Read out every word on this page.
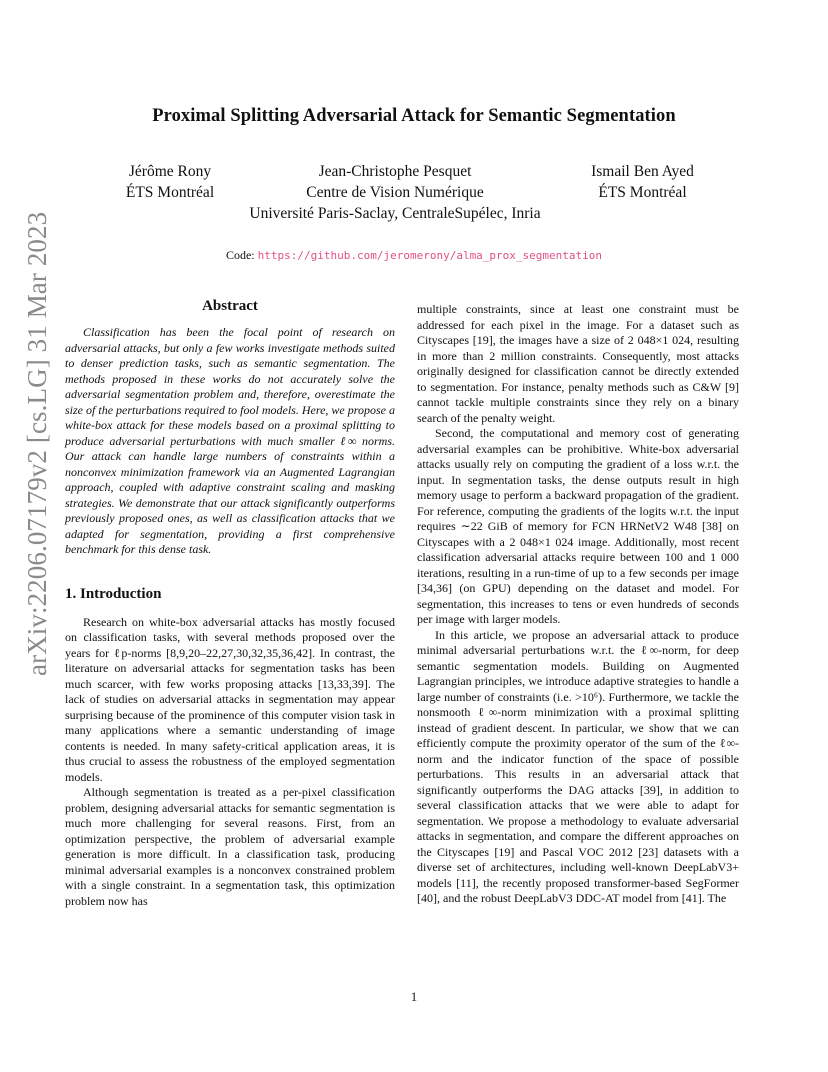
arXiv:2206.07179v2 [cs.LG] 31 Mar 2023
Proximal Splitting Adversarial Attack for Semantic Segmentation
Jérôme Rony
ÉTS Montréal
Jean-Christophe Pesquet
Centre de Vision Numérique
Université Paris-Saclay, CentraleSupélec, Inria
Ismail Ben Ayed
ÉTS Montréal
Code: https://github.com/jeromerony/alma_prox_segmentation
Abstract

Classification has been the focal point of research on adversarial attacks, but only a few works investigate methods suited to denser prediction tasks, such as semantic segmentation. The methods proposed in these works do not accurately solve the adversarial segmentation problem and, therefore, overestimate the size of the perturbations required to fool models. Here, we propose a white-box attack for these models based on a proximal splitting to produce adversarial perturbations with much smaller ℓ∞ norms. Our attack can handle large numbers of constraints within a nonconvex minimization framework via an Augmented Lagrangian approach, coupled with adaptive constraint scaling and masking strategies. We demonstrate that our attack significantly outperforms previously proposed ones, as well as classification attacks that we adapted for segmentation, providing a first comprehensive benchmark for this dense task.

1. Introduction

Research on white-box adversarial attacks has mostly focused on classification tasks, with several methods proposed over the years for ℓp-norms [8,9,20–22,27,30,32,35,36,42]. In contrast, the literature on adversarial attacks for segmentation tasks has been much scarcer, with few works proposing attacks [13,33,39]. The lack of studies on adversarial attacks in segmentation may appear surprising because of the prominence of this computer vision task in many applications where a semantic understanding of image contents is needed. In many safety-critical application areas, it is thus crucial to assess the robustness of the employed segmentation models.

Although segmentation is treated as a per-pixel classification problem, designing adversarial attacks for semantic segmentation is much more challenging for several reasons. First, from an optimization perspective, the problem of adversarial example generation is more difficult. In a classification task, producing minimal adversarial examples is a nonconvex constrained problem with a single constraint. In a segmentation task, this optimization problem now has

multiple constraints, since at least one constraint must be addressed for each pixel in the image. For a dataset such as Cityscapes [19], the images have a size of 2 048×1 024, resulting in more than 2 million constraints. Consequently, most attacks originally designed for classification cannot be directly extended to segmentation. For instance, penalty methods such as C&W [9] cannot tackle multiple constraints since they rely on a binary search of the penalty weight.

Second, the computational and memory cost of generating adversarial examples can be prohibitive. White-box adversarial attacks usually rely on computing the gradient of a loss w.r.t. the input. In segmentation tasks, the dense outputs result in high memory usage to perform a backward propagation of the gradient. For reference, computing the gradients of the logits w.r.t. the input requires ∼22 GiB of memory for FCN HRNetV2 W48 [38] on Cityscapes with a 2 048×1 024 image. Additionally, most recent classification adversarial attacks require between 100 and 1 000 iterations, resulting in a run-time of up to a few seconds per image [34,36] (on GPU) depending on the dataset and model. For segmentation, this increases to tens or even hundreds of seconds per image with larger models.

In this article, we propose an adversarial attack to produce minimal adversarial perturbations w.r.t. the ℓ∞-norm, for deep semantic segmentation models. Building on Augmented Lagrangian principles, we introduce adaptive strategies to handle a large number of constraints (i.e. >10⁶). Furthermore, we tackle the nonsmooth ℓ∞-norm minimization with a proximal splitting instead of gradient descent. In particular, we show that we can efficiently compute the proximity operator of the sum of the ℓ∞-norm and the indicator function of the space of possible perturbations. This results in an adversarial attack that significantly outperforms the DAG attacks [39], in addition to several classification attacks that we were able to adapt for segmentation. We propose a methodology to evaluate adversarial attacks in segmentation, and compare the different approaches on the Cityscapes [19] and Pascal VOC 2012 [23] datasets with a diverse set of architectures, including well-known DeepLabV3+ models [11], the recently proposed transformer-based SegFormer [40], and the robust DeepLabV3 DDC-AT model from [41]. The

1
